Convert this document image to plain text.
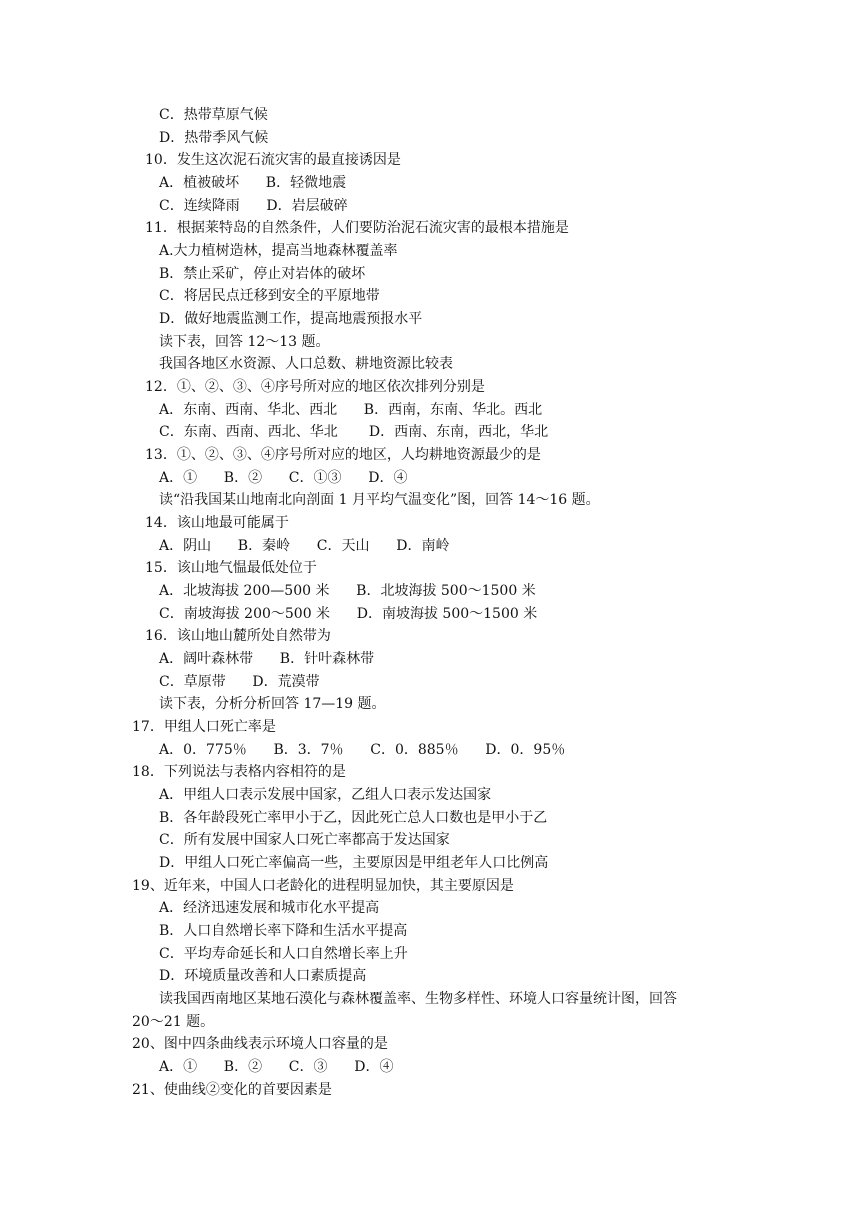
C．热带草原气候
D．热带季风气候
10．发生这次泥石流灾害的最直接诱因是
A．植被破坏      B．轻微地震
C．连续降雨      D．岩层破碎
11．根据莱特岛的自然条件，人们要防治泥石流灾害的最根本措施是
A.大力植树造林，提高当地森林覆盖率
B．禁止采矿，停止对岩体的破坏
C．将居民点迁移到安全的平原地带
D．做好地震监测工作，提高地震预报水平
读下表，回答 12～13 题。
我国各地区水资源、人口总数、耕地资源比较表
12．①、②、③、④序号所对应的地区依次排列分别是
A．东南、西南、华北、西北      B．西南，东南、华北。西北
C．东南、西南、西北、华北       D．西南、东南，西北，华北
13．①、②、③、④序号所对应的地区，人均耕地资源最少的是
A．①      B．②      C．①③      D．④
读“沿我国某山地南北向剖面 1 月平均气温变化”图，回答 14～16 题。
14．该山地最可能属于
A．阴山      B．秦岭      C．天山      D．南岭
15．该山地气愠最低处位于
A．北坡海拔 200—500 米      B．北坡海拔 500～1500 米
C．南坡海拔 200～500 米      D．南坡海拔 500～1500 米
16．该山地山麓所处自然带为
A．阔叶森林带      B．针叶森林带
C．草原带      D．荒漠带
读下表，分析分析回答 17—19 题。
17．甲组人口死亡率是
A．0．775％      B．3．7％      C．0．885％      D．0．95％
18．下列说法与表格内容相符的是
A．甲组人口表示发展中国家，乙组人口表示发达国家
B．各年龄段死亡率甲小于乙，因此死亡总人口数也是甲小于乙
C．所有发展中国家人口死亡率都高于发达国家
D．甲组人口死亡率偏高一些，主要原因是甲组老年人口比例高
19、近年来，中国人口老龄化的进程明显加快，其主要原因是
A．经济迅速发展和城市化水平提高
B．人口自然增长率下降和生活水平提高
C．平均寿命延长和人口自然增长率上升
D．环境质量改善和人口素质提高
读我国西南地区某地石漠化与森林覆盖率、生物多样性、环境人口容量统计图，回答
20～21 题。
20、图中四条曲线表示环境人口容量的是
A．①      B．②      C．③      D．④
21、使曲线②变化的首要因素是
